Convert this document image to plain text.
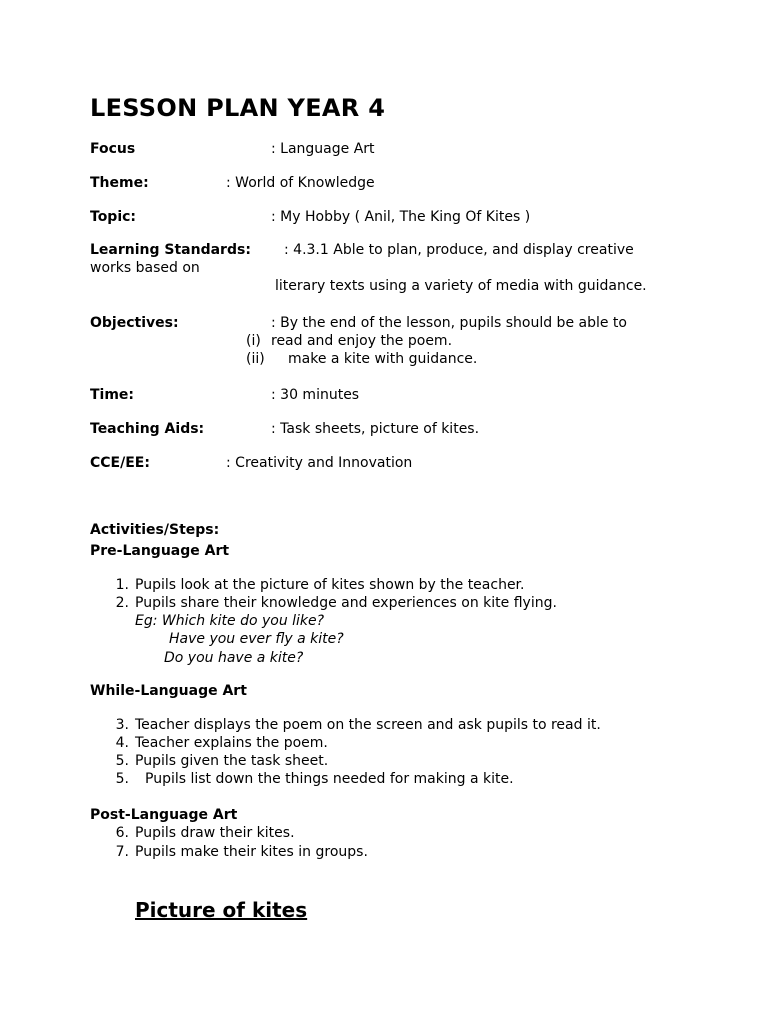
LESSON PLAN YEAR 4
Focus	: Language Art
Theme:	: World of Knowledge
Topic:	: My Hobby ( Anil, The King Of Kites )
Learning Standards: : 4.3.1 Able to plan, produce, and display creative
works based on
literary texts using a variety of media with guidance.
Objectives:	: By the end of the lesson, pupils should be able to
(i) read and enjoy the poem.
(ii) make a kite with guidance.
Time:	: 30 minutes
Teaching Aids:	: Task sheets, picture of kites.
CCE/EE:	: Creativity and Innovation
Activities/Steps:
Pre-Language Art
1. Pupils look at the picture of kites shown by the teacher.
2. Pupils share their knowledge and experiences on kite flying.
Eg: Which kite do you like?
Have you ever fly a kite?
Do you have a kite?
While-Language Art
3. Teacher displays the poem on the screen and ask pupils to read it.
4. Teacher explains the poem.
5. Pupils given the task sheet.
5. Pupils list down the things needed for making a kite.
Post-Language Art
6. Pupils draw their kites.
7. Pupils make their kites in groups.
Picture of kites
